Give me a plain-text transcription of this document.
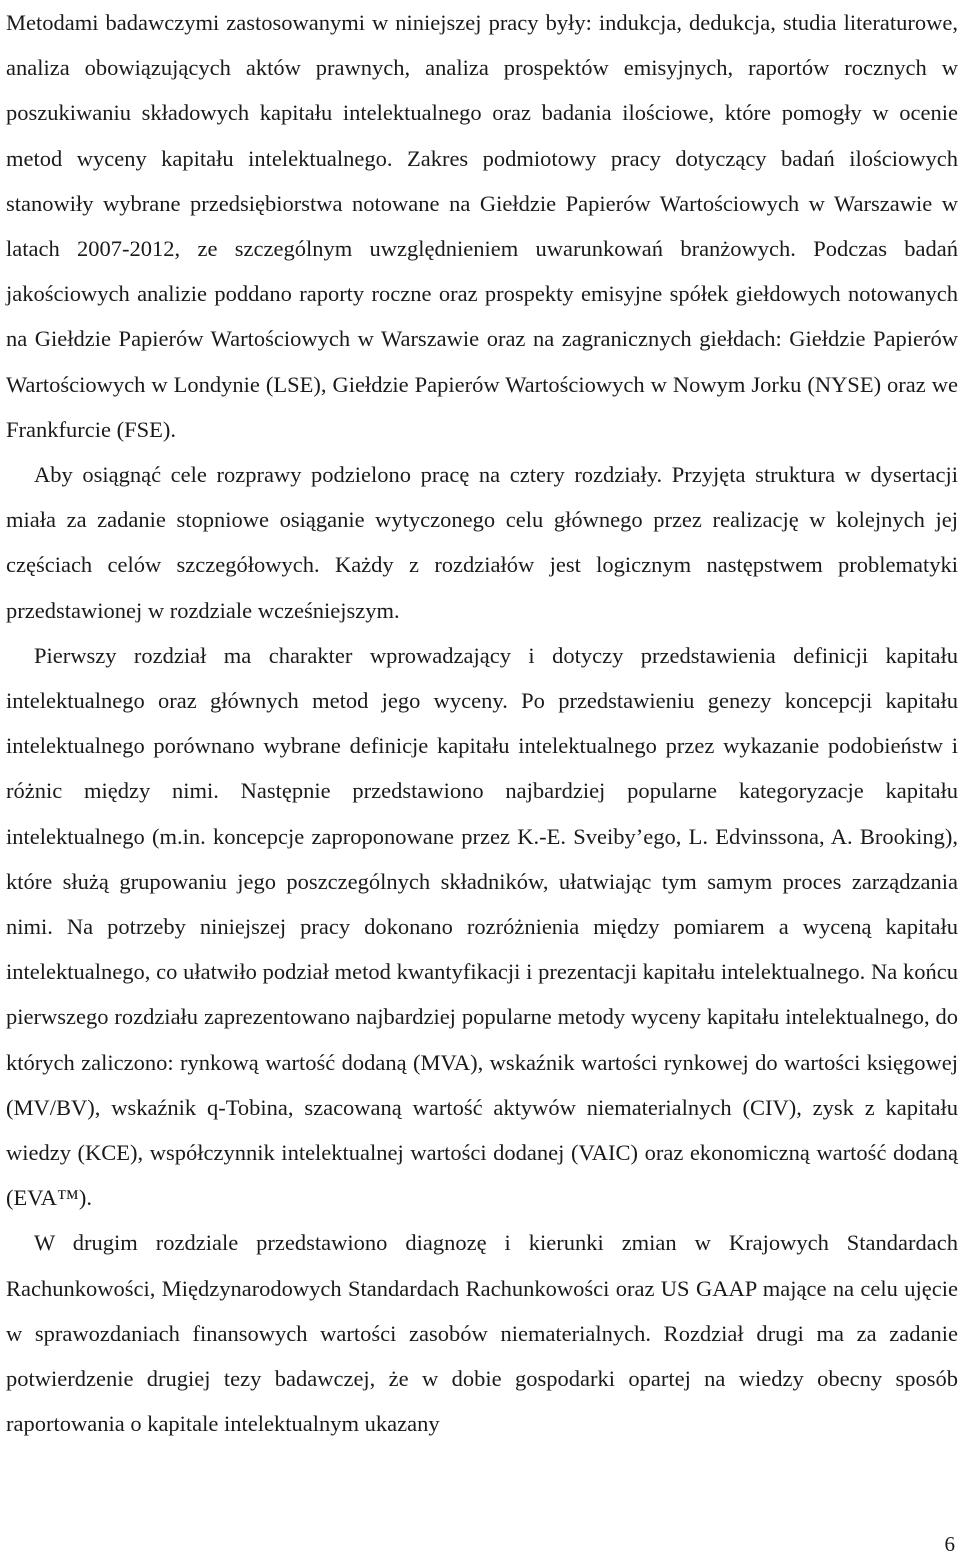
Metodami badawczymi zastosowanymi w niniejszej pracy były: indukcja, dedukcja, studia literaturowe, analiza obowiązujących aktów prawnych, analiza prospektów emisyjnych, raportów rocznych w poszukiwaniu składowych kapitału intelektualnego oraz badania ilościowe, które pomogły w ocenie metod wyceny kapitału intelektualnego. Zakres podmiotowy pracy dotyczący badań ilościowych stanowiły wybrane przedsiębiorstwa notowane na Giełdzie Papierów Wartościowych w Warszawie w latach 2007-2012, ze szczególnym uwzględnieniem uwarunkowań branżowych. Podczas badań jakościowych analizie poddano raporty roczne oraz prospekty emisyjne spółek giełdowych notowanych na Giełdzie Papierów Wartościowych w Warszawie oraz na zagranicznych giełdach: Giełdzie Papierów Wartościowych w Londynie (LSE), Giełdzie Papierów Wartościowych w Nowym Jorku (NYSE) oraz we Frankfurcie (FSE).

Aby osiągnąć cele rozprawy podzielono pracę na cztery rozdziały. Przyjęta struktura w dysertacji miała za zadanie stopniowe osiąganie wytyczonego celu głównego przez realizację w kolejnych jej częściach celów szczegółowych. Każdy z rozdziałów jest logicznym następstwem problematyki przedstawionej w rozdziale wcześniejszym.

Pierwszy rozdział ma charakter wprowadzający i dotyczy przedstawienia definicji kapitału intelektualnego oraz głównych metod jego wyceny. Po przedstawieniu genezy koncepcji kapitału intelektualnego porównano wybrane definicje kapitału intelektualnego przez wykazanie podobieństw i różnic między nimi. Następnie przedstawiono najbardziej popularne kategoryzacje kapitału intelektualnego (m.in. koncepcje zaproponowane przez K.-E. Sveiby’ego, L. Edvinssona, A. Brooking), które służą grupowaniu jego poszczególnych składników, ułatwiając tym samym proces zarządzania nimi. Na potrzeby niniejszej pracy dokonano rozróżnienia między pomiarem a wyceną kapitału intelektualnego, co ułatwiło podział metod kwantyfikacji i prezentacji kapitału intelektualnego. Na końcu pierwszego rozdziału zaprezentowano najbardziej popularne metody wyceny kapitału intelektualnego, do których zaliczono: rynkową wartość dodaną (MVA), wskaźnik wartości rynkowej do wartości księgowej (MV/BV), wskaźnik q-Tobina, szacowaną wartość aktywów niematerialnych (CIV), zysk z kapitału wiedzy (KCE), współczynnik intelektualnej wartości dodanej (VAIC) oraz ekonomiczną wartość dodaną (EVA™).

W drugim rozdziale przedstawiono diagnozę i kierunki zmian w Krajowych Standardach Rachunkowości, Międzynarodowych Standardach Rachunkowości oraz US GAAP mające na celu ujęcie w sprawozdaniach finansowych wartości zasobów niematerialnych. Rozdział drugi ma za zadanie potwierdzenie drugiej tezy badawczej, że w dobie gospodarki opartej na wiedzy obecny sposób raportowania o kapitale intelektualnym ukazany

6
